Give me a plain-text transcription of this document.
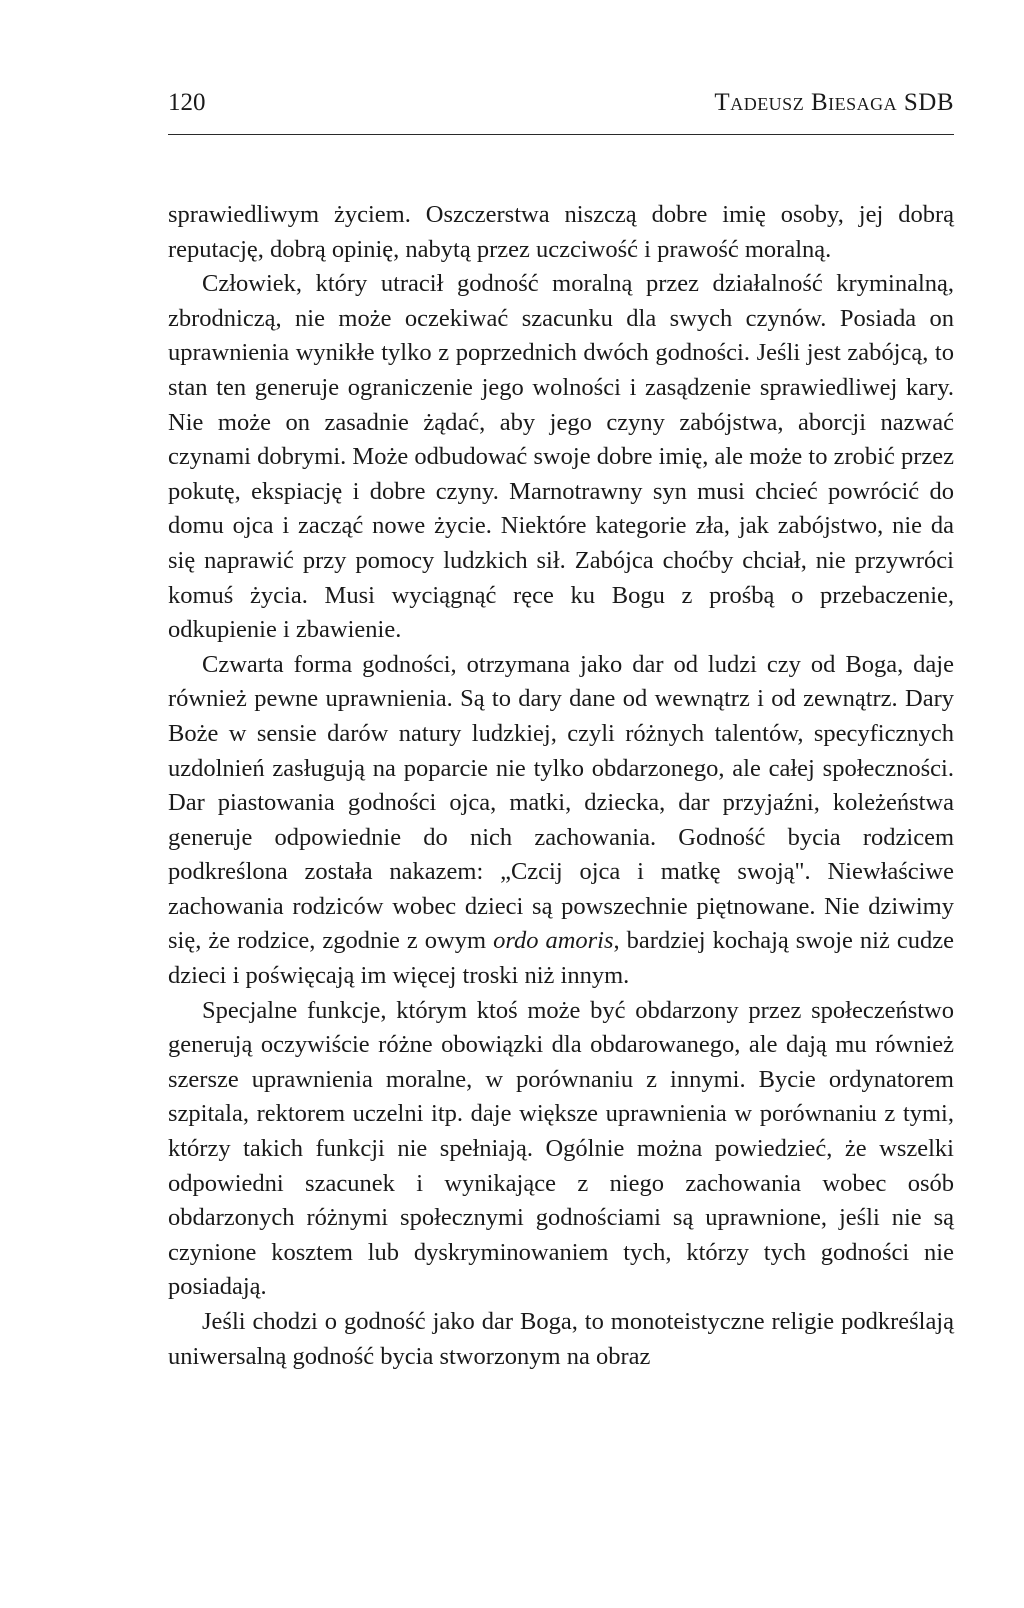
120	Tadeusz Biesaga SDB

sprawiedliwym życiem. Oszczerstwa niszczą dobre imię osoby, jej dobrą reputację, dobrą opinię, nabytą przez uczciwość i prawość moralną.

Człowiek, który utracił godność moralną przez działalność kryminalną, zbrodniczą, nie może oczekiwać szacunku dla swych czynów. Posiada on uprawnienia wynikłe tylko z poprzednich dwóch godności. Jeśli jest zabójcą, to stan ten generuje ograniczenie jego wolności i zasądzenie sprawiedliwej kary. Nie może on zasadnie żądać, aby jego czyny zabójstwa, aborcji nazwać czynami dobrymi. Może odbudować swoje dobre imię, ale może to zrobić przez pokutę, ekspiację i dobre czyny. Marnotrawny syn musi chcieć powrócić do domu ojca i zacząć nowe życie. Niektóre kategorie zła, jak zabójstwo, nie da się naprawić przy pomocy ludzkich sił. Zabójca choćby chciał, nie przywróci komuś życia. Musi wyciągnąć ręce ku Bogu z prośbą o przebaczenie, odkupienie i zbawienie.

Czwarta forma godności, otrzymana jako dar od ludzi czy od Boga, daje również pewne uprawnienia. Są to dary dane od wewnątrz i od zewnątrz. Dary Boże w sensie darów natury ludzkiej, czyli różnych talentów, specyficznych uzdolnień zasługują na poparcie nie tylko obdarzonego, ale całej społeczności. Dar piastowania godności ojca, matki, dziecka, dar przyjaźni, koleżeństwa generuje odpowiednie do nich zachowania. Godność bycia rodzicem podkreślona została nakazem: „Czcij ojca i matkę swoją". Niewłaściwe zachowania rodziców wobec dzieci są powszechnie piętnowane. Nie dziwimy się, że rodzice, zgodnie z owym ordo amoris, bardziej kochają swoje niż cudze dzieci i poświęcają im więcej troski niż innym.

Specjalne funkcje, którym ktoś może być obdarzony przez społeczeństwo generują oczywiście różne obowiązki dla obdarowanego, ale dają mu również szersze uprawnienia moralne, w porównaniu z innymi. Bycie ordynatorem szpitala, rektorem uczelni itp. daje większe uprawnienia w porównaniu z tymi, którzy takich funkcji nie spełniają. Ogólnie można powiedzieć, że wszelki odpowiedni szacunek i wynikające z niego zachowania wobec osób obdarzonych różnymi społecznymi godnościami są uprawnione, jeśli nie są czynione kosztem lub dyskryminowaniem tych, którzy tych godności nie posiadają.

Jeśli chodzi o godność jako dar Boga, to monoteistyczne religie podkreślają uniwersalną godność bycia stworzonym na obraz
